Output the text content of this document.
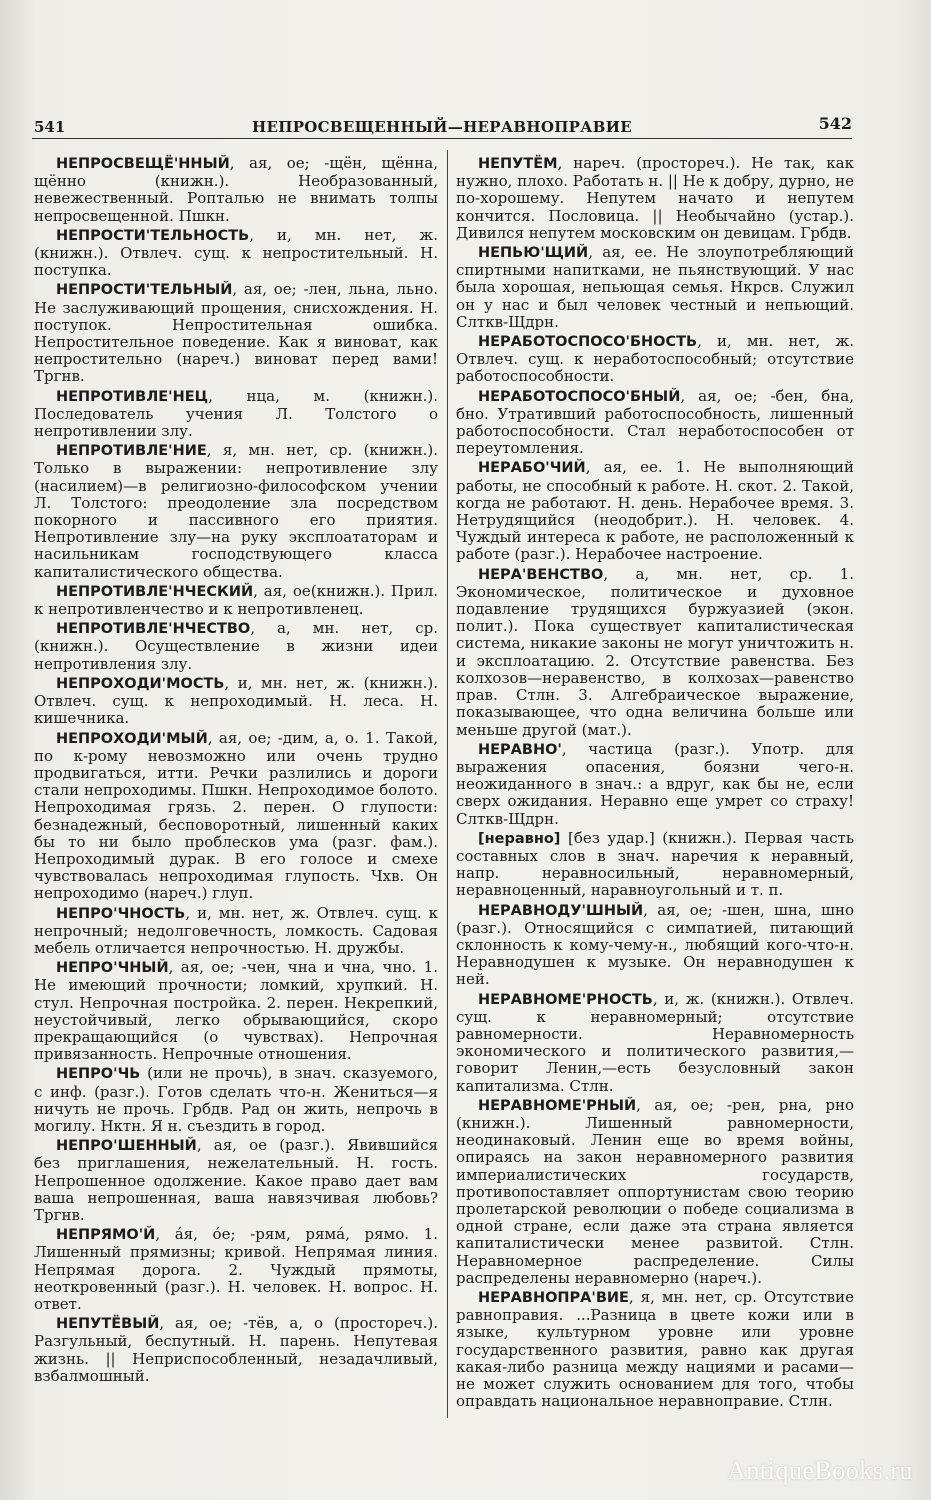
541	НЕПРОСВЕЩЕННЫЙ—НЕРАВНОПРАВИЕ	542

НЕПРОСВЕЩЁ'ННЫЙ, ая, ое; -щён, щённа, щённо (книжн.). Необразованный, невежественный. Ропталью не внимать толпы непросвещенной. Пшкн.

НЕПРОСТИ'ТЕЛЬНОСТЬ, и, мн. нет, ж. (книжн.). Отвлеч. сущ. к непростительный. Н. поступка.

НЕПРОСТИ'ТЕЛЬНЫЙ, ая, ое; -лен, льна, льно. Не заслуживающий прощения, снисхождения. Н. поступок. Непростительная ошибка. Непростительное поведение. Как я виноват, как непростительно (нареч.) виноват перед вами! Тргнв.

НЕПРОТИВЛЕ'НЕЦ, нца, м. (книжн.). Последователь учения Л. Толстого о непротивлении злу.

НЕПРОТИВЛЕ'НИЕ, я, мн. нет, ср. (книжн.). Только в выражении: непротивление злу (насилием)—в религиозно-философском учении Л. Толстого: преодоление зла посредством покорного и пассивного его приятия. Непротивление злу—на руку эксплоататорам и насильникам господствующего класса капиталистического общества.

НЕПРОТИВЛЕ'НЧЕСКИЙ, ая, ое(книжн.). Прил. к непротивленчество и к непротивленец.

НЕПРОТИВЛЕ'НЧЕСТВО, а, мн. нет, ср. (книжн.). Осуществление в жизни идеи непротивления злу.

НЕПРОХОДИ'МОСТЬ, и, мн. нет, ж. (книжн.). Отвлеч. сущ. к непроходимый. Н. леса. Н. кишечника.

НЕПРОХОДИ'МЫЙ, ая, ое; -дим, а, о. 1. Такой, по к-рому невозможно или очень трудно продвигаться, итти. Речки разлились и дороги стали непроходимы. Пшкн. Непроходимое болото. Непроходимая грязь. 2. перен. О глупости: безнадежный, бесповоротный, лишенный каких бы то ни было проблесков ума (разг. фам.). Непроходимый дурак. В его голосе и смехе чувствовалась непроходимая глупость. Чхв. Он непроходимо (нареч.) глуп.

НЕПРО'ЧНОСТЬ, и, мн. нет, ж. Отвлеч. сущ. к непрочный; недолговечность, ломкость. Садовая мебель отличается непрочностью. Н. дружбы.

НЕПРО'ЧНЫЙ, ая, ое; -чен, чна и чна, чно. 1. Не имеющий прочности; ломкий, хрупкий. Н. стул. Непрочная постройка. 2. перен. Некрепкий, неустойчивый, легко обрывающийся, скоро прекращающийся (о чувствах). Непрочная привязанность. Непрочные отношения.

НЕПРО'ЧЬ (или не прочь), в знач. сказуемого, с инф. (разг.). Готов сделать что-н. Жениться—я ничуть не прочь. Грбдв. Рад он жить, непрочь в могилу. Нктн. Я н. съездить в город.

НЕПРО'ШЕННЫЙ, ая, ое (разг.). Явившийся без приглашения, нежелательный. Н. гость. Непрошенное одолжение. Какое право дает вам ваша непрошенная, ваша навязчивая любовь? Тргнв.

НЕПРЯМО'Й, áя, óе; -рям, рямá, рямо. 1. Лишенный прямизны; кривой. Непрямая линия. Непрямая дорога. 2. Чуждый прямоты, неоткровенный (разг.). Н. человек. Н. вопрос. Н. ответ.

НЕПУТЁВЫЙ, ая, ое; -тёв, а, о (простореч.). Разгульный, беспутный. Н. парень. Непутевая жизнь. || Неприспособленный, незадачливый, взбалмошный.

НЕПУТЁМ, нареч. (простореч.). Не так, как нужно, плохо. Работать н. || Не к добру, дурно, не по-хорошему. Непутем начато и непутем кончится. Пословица. || Необычайно (устар.). Дивился непутем московским он девицам. Грбдв.

НЕПЬЮ'ЩИЙ, ая, ее. Не злоупотребляющий спиртными напитками, не пьянствующий. У нас была хорошая, непьющая семья. Нкрсв. Служил он у нас и был человек честный и непьющий. Слткв-Щдрн.

НЕРАБОТОСПОСО'БНОСТЬ, и, мн. нет, ж. Отвлеч. сущ. к неработоспособный; отсутствие работоспособности.

НЕРАБОТОСПОСО'БНЫЙ, ая, ое; -бен, бна, бно. Утративший работоспособность, лишенный работоспособности. Стал неработоспособен от переутомления.

НЕРАБО'ЧИЙ, ая, ее. 1. Не выполняющий работы, не способный к работе. Н. скот. 2. Такой, когда не работают. Н. день. Нерабочее время. 3. Нетрудящийся (неодобрит.). Н. человек. 4. Чуждый интереса к работе, не расположенный к работе (разг.). Нерабочее настроение.

НЕРА'ВЕНСТВО, а, мн. нет, ср. 1. Экономическое, политическое и духовное подавление трудящихся буржуазией (экон. полит.). Пока существует капиталистическая система, никакие законы не могут уничтожить н. и эксплоатацию. 2. Отсутствие равенства. Без колхозов—неравенство, в колхозах—равенство прав. Стлн. 3. Алгебраическое выражение, показывающее, что одна величина больше или меньше другой (мат.).

НЕРАВНО', частица (разг.). Употр. для выражения опасения, боязни чего-н. неожиданного в знач.: а вдруг, как бы не, если сверх ожидания. Неравно еще умрет со страху! Слткв-Щдрн.

[неравно] [без удар.] (книжн.). Первая часть составных слов в знач. наречия к неравный, напр. неравносильный, неравномерный, неравноценный, наравноугольный и т. п.

НЕРАВНОДУ'ШНЫЙ, ая, ое; -шен, шна, шно (разг.). Относящийся с симпатией, питающий склонность к кому-чему-н., любящий кого-что-н. Неравнодушен к музыке. Он неравнодушен к ней.

НЕРАВНОМЕ'РНОСТЬ, и, ж. (книжн.). Отвлеч. сущ. к неравномерный; отсутствие равномерности. Неравномерность экономического и политического развития,—говорит Ленин,—есть безусловный закон капитализма. Стлн.

НЕРАВНОМЕ'РНЫЙ, ая, ое; -рен, рна, рно (книжн.). Лишенный равномерности, неодинаковый. Ленин еще во время войны, опираясь на закон неравномерного развития империалистических государств, противопоставляет оппортунистам свою теорию пролетарской революции о победе социализма в одной стране, если даже эта страна является капиталистически менее развитой. Стлн. Неравномерное распределение. Силы распределены неравномерно (нареч.).

НЕРАВНОПРА'ВИЕ, я, мн. нет, ср. Отсутствие равноправия. ...Разница в цвете кожи или в языке, культурном уровне или уровне государственного развития, равно как другая какая-либо разница между нациями и расами—не может служить основанием для того, чтобы оправдать национальное неравноправие. Стлн.

AntiqueBooks.ru
